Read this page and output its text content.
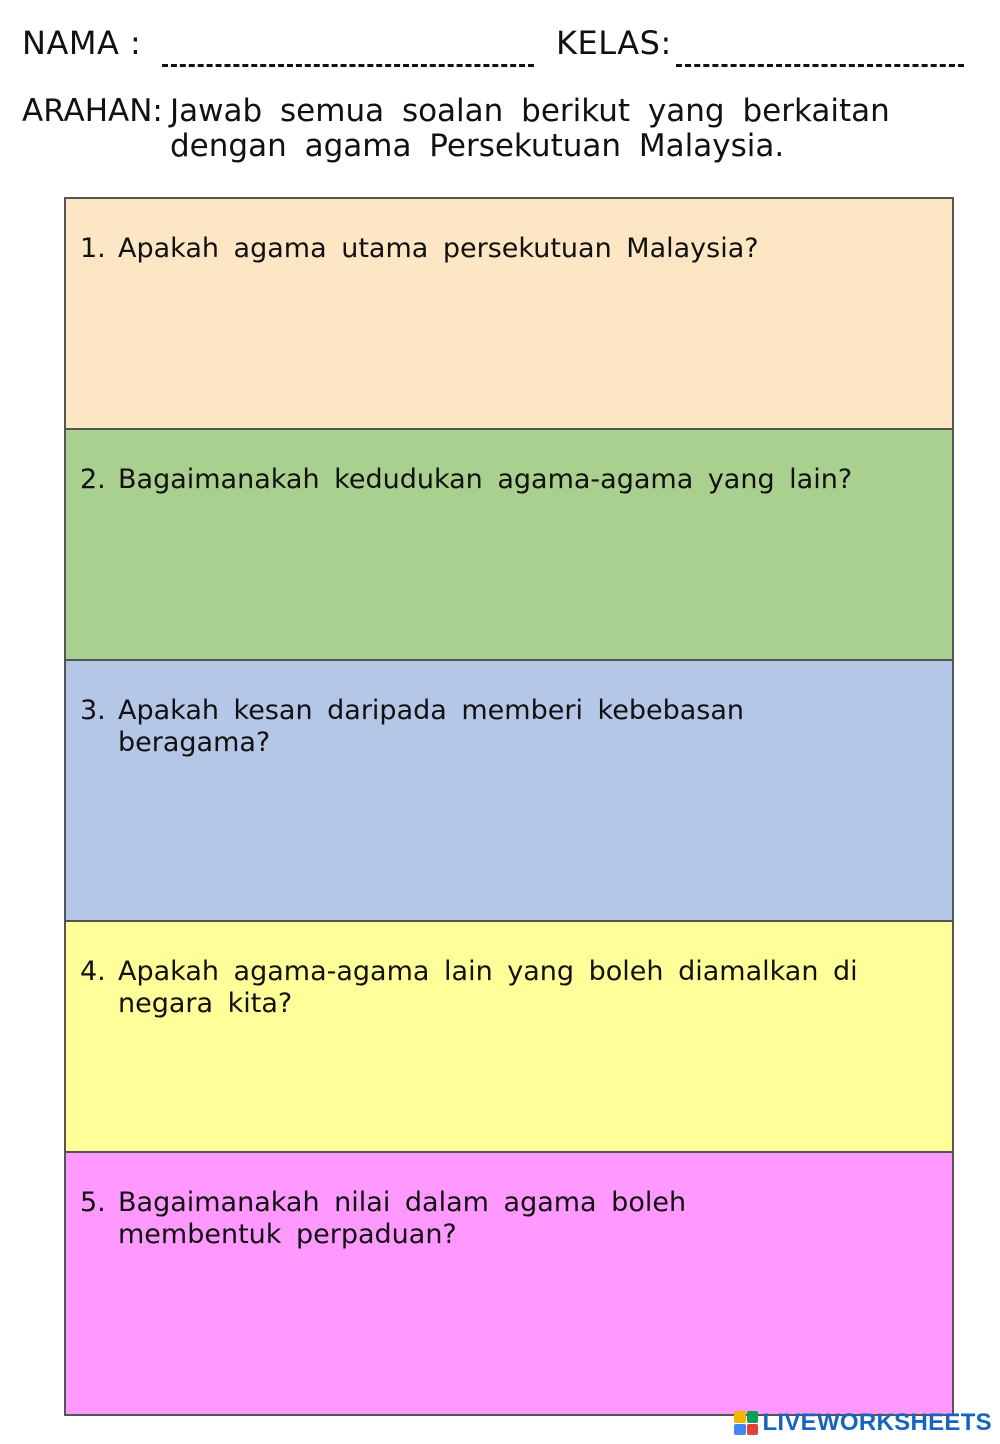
NAMA :	KELAS:
ARAHAN: Jawab semua soalan berikut yang berkaitan dengan agama Persekutuan Malaysia.
1. Apakah agama utama persekutuan Malaysia?
2. Bagaimanakah kedudukan agama-agama yang lain?
3. Apakah kesan daripada memberi kebebasan beragama?
4. Apakah agama-agama lain yang boleh diamalkan di negara kita?
5. Bagaimanakah nilai dalam agama boleh membentuk perpaduan?
LIVEWORKSHEETS
